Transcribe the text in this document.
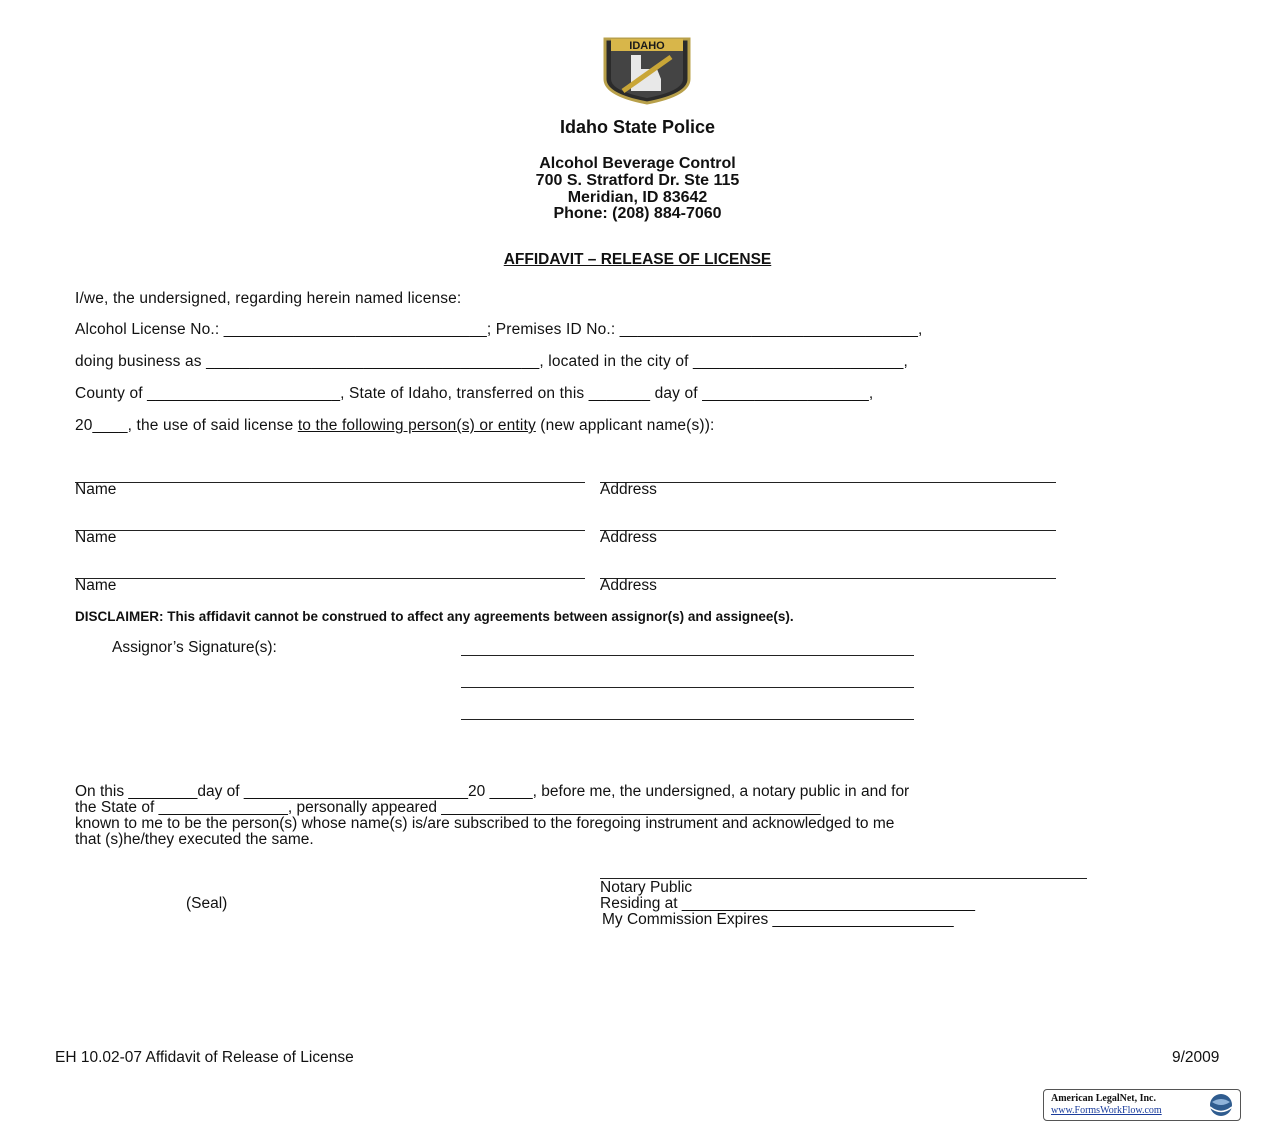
IDAHO
Idaho State Police
Alcohol Beverage Control
700 S. Stratford Dr. Ste 115
Meridian, ID 83642
Phone: (208) 884-7060
AFFIDAVIT – RELEASE OF LICENSE
I/we, the undersigned, regarding herein named license:
Alcohol License No.: ______________________________; Premises ID No.: __________________________________,
doing business as ______________________________________, located in the city of ________________________,
County of ______________________, State of Idaho, transferred on this _______ day of ___________________,
20____, the use of said license to the following person(s) or entity (new applicant name(s)):
Name	Address
Name	Address
Name	Address
DISCLAIMER: This affidavit cannot be construed to affect any agreements between assignor(s) and assignee(s).
Assignor’s Signature(s):
On this ________day of __________________________20 _____, before me, the undersigned, a notary public in and for
the State of _______________, personally appeared ____________________________________________
known to me to be the person(s) whose name(s) is/are subscribed to the foregoing instrument and acknowledged to me
that (s)he/they executed the same.
Notary Public
(Seal)	Residing at __________________________________
My Commission Expires _____________________
EH 10.02-07 Affidavit of Release of License	9/2009
American LegalNet, Inc.
www.FormsWorkFlow.com
